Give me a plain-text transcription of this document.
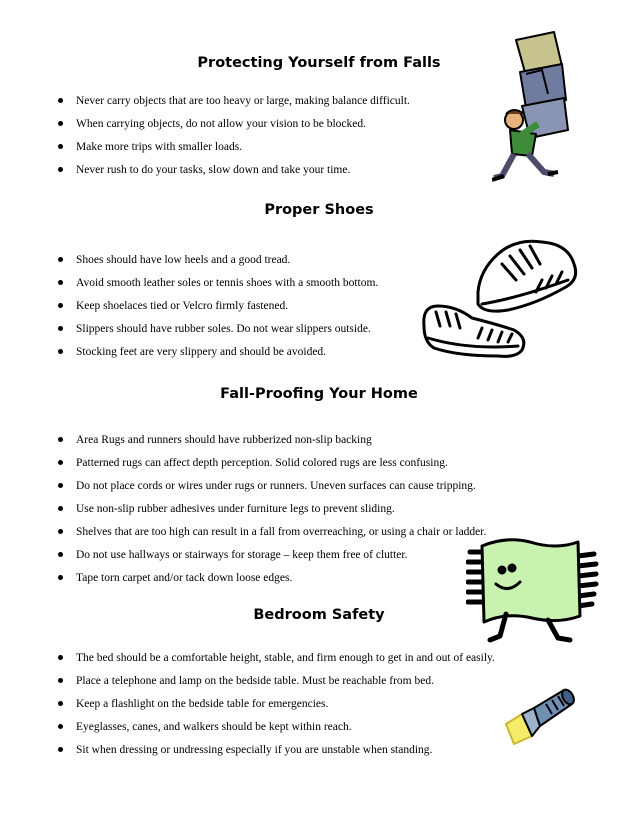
Protecting Yourself from Falls
Never carry objects that are too heavy or large, making balance difficult.
When carrying objects, do not allow your vision to be blocked.
Make more trips with smaller loads.
Never rush to do your tasks, slow down and take your time.
Proper Shoes
Shoes should have low heels and a good tread.
Avoid smooth leather soles or tennis shoes with a smooth bottom.
Keep shoelaces tied or Velcro firmly fastened.
Slippers should have rubber soles. Do not wear slippers outside.
Stocking feet are very slippery and should be avoided.
Fall-Proofing Your Home
Area Rugs and runners should have rubberized non-slip backing
Patterned rugs can affect depth perception. Solid colored rugs are less confusing.
Do not place cords or wires under rugs or runners. Uneven surfaces can cause tripping.
Use non-slip rubber adhesives under furniture legs to prevent sliding.
Shelves that are too high can result in a fall from overreaching, or using a chair or ladder.
Do not use hallways or stairways for storage – keep them free of clutter.
Tape torn carpet and/or tack down loose edges.
Bedroom Safety
The bed should be a comfortable height, stable, and firm enough to get in and out of easily.
Place a telephone and lamp on the bedside table. Must be reachable from bed.
Keep a flashlight on the bedside table for emergencies.
Eyeglasses, canes, and walkers should be kept within reach.
Sit when dressing or undressing especially if you are unstable when standing.
